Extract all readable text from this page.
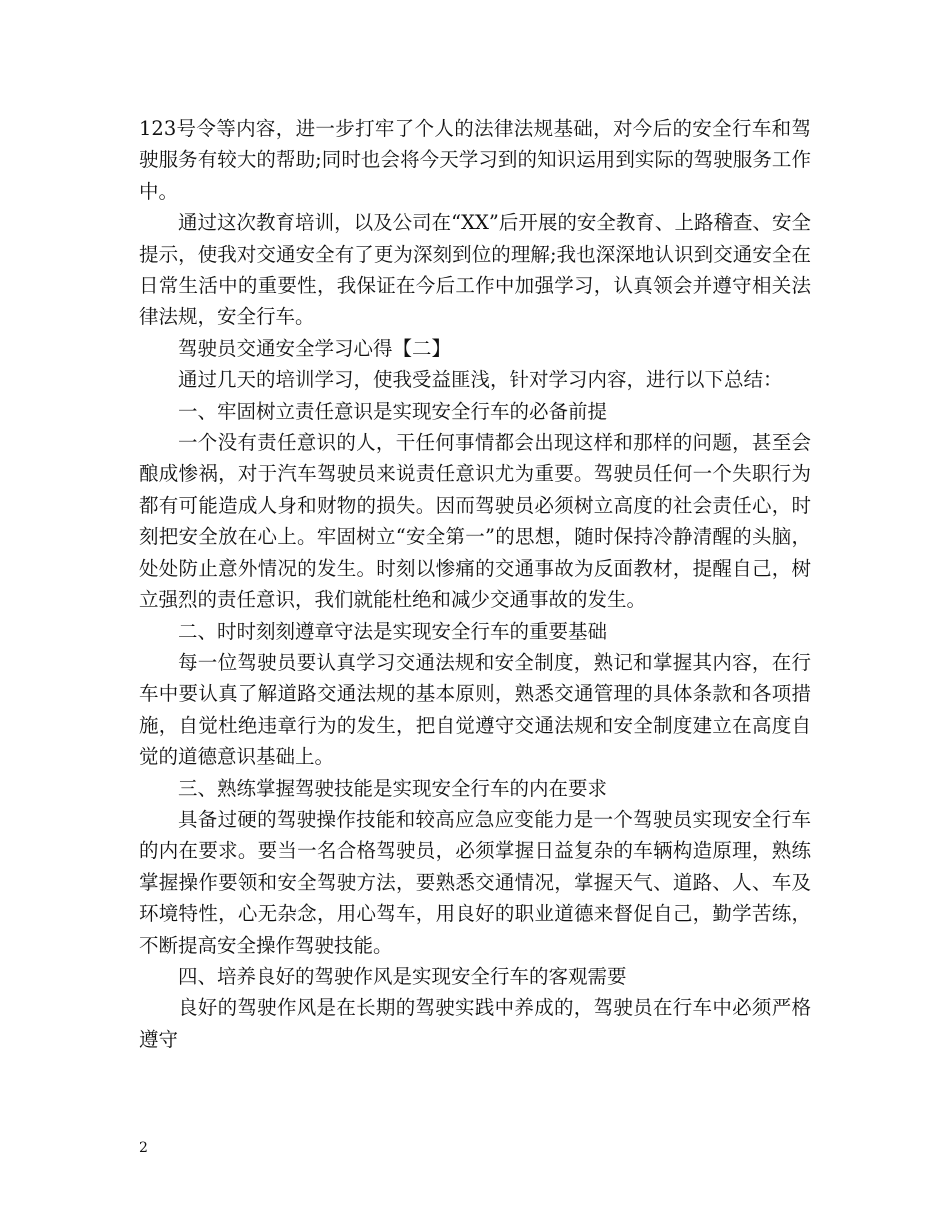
123号令等内容，进一步打牢了个人的法律法规基础，对今后的安全行车和驾驶服务有较大的帮助;同时也会将今天学习到的知识运用到实际的驾驶服务工作中。

通过这次教育培训，以及公司在“XX”后开展的安全教育、上路稽查、安全提示，使我对交通安全有了更为深刻到位的理解;我也深深地认识到交通安全在日常生活中的重要性，我保证在今后工作中加强学习，认真领会并遵守相关法律法规，安全行车。

驾驶员交通安全学习心得【二】

通过几天的培训学习，使我受益匪浅，针对学习内容，进行以下总结：

一、牢固树立责任意识是实现安全行车的必备前提

一个没有责任意识的人，干任何事情都会出现这样和那样的问题，甚至会酿成惨祸，对于汽车驾驶员来说责任意识尤为重要。驾驶员任何一个失职行为都有可能造成人身和财物的损失。因而驾驶员必须树立高度的社会责任心，时刻把安全放在心上。牢固树立“安全第一”的思想，随时保持冷静清醒的头脑，处处防止意外情况的发生。时刻以惨痛的交通事故为反面教材，提醒自己，树立强烈的责任意识，我们就能杜绝和减少交通事故的发生。

二、时时刻刻遵章守法是实现安全行车的重要基础

每一位驾驶员要认真学习交通法规和安全制度，熟记和掌握其内容，在行车中要认真了解道路交通法规的基本原则，熟悉交通管理的具体条款和各项措施，自觉杜绝违章行为的发生，把自觉遵守交通法规和安全制度建立在高度自觉的道德意识基础上。

三、熟练掌握驾驶技能是实现安全行车的内在要求

具备过硬的驾驶操作技能和较高应急应变能力是一个驾驶员实现安全行车的内在要求。要当一名合格驾驶员，必须掌握日益复杂的车辆构造原理，熟练掌握操作要领和安全驾驶方法，要熟悉交通情况，掌握天气、道路、人、车及环境特性，心无杂念，用心驾车，用良好的职业道德来督促自己，勤学苦练，不断提高安全操作驾驶技能。

四、培养良好的驾驶作风是实现安全行车的客观需要

良好的驾驶作风是在长期的驾驶实践中养成的，驾驶员在行车中必须严格遵守

2
